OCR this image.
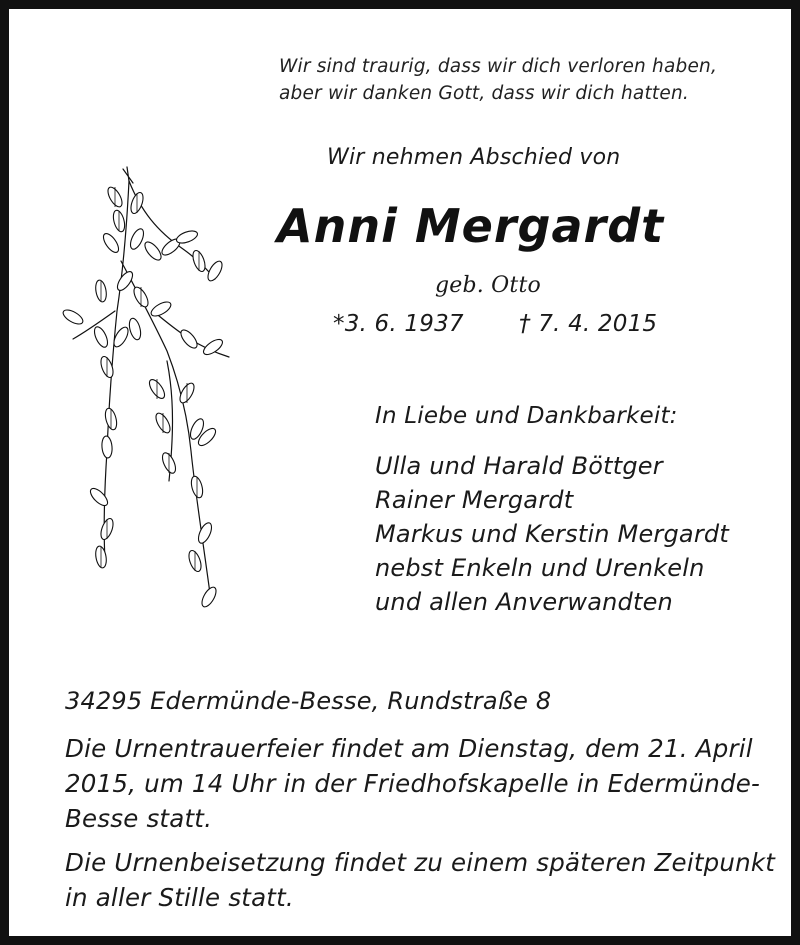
Wir sind traurig, dass wir dich verloren haben,
aber wir danken Gott, dass wir dich hatten.

Wir nehmen Abschied von

Anni Mergardt

geb. Otto

*3. 6. 1937 † 7. 4. 2015

In Liebe und Dankbarkeit:

Ulla und Harald Böttger
Rainer Mergardt
Markus und Kerstin Mergardt
nebst Enkeln und Urenkeln
und allen Anverwandten

34295 Edermünde-Besse, Rundstraße 8

Die Urnentrauerfeier findet am Dienstag, dem 21. April
2015, um 14 Uhr in der Friedhofskapelle in Edermünde-
Besse statt.

Die Urnenbeisetzung findet zu einem späteren Zeitpunkt
in aller Stille statt.
